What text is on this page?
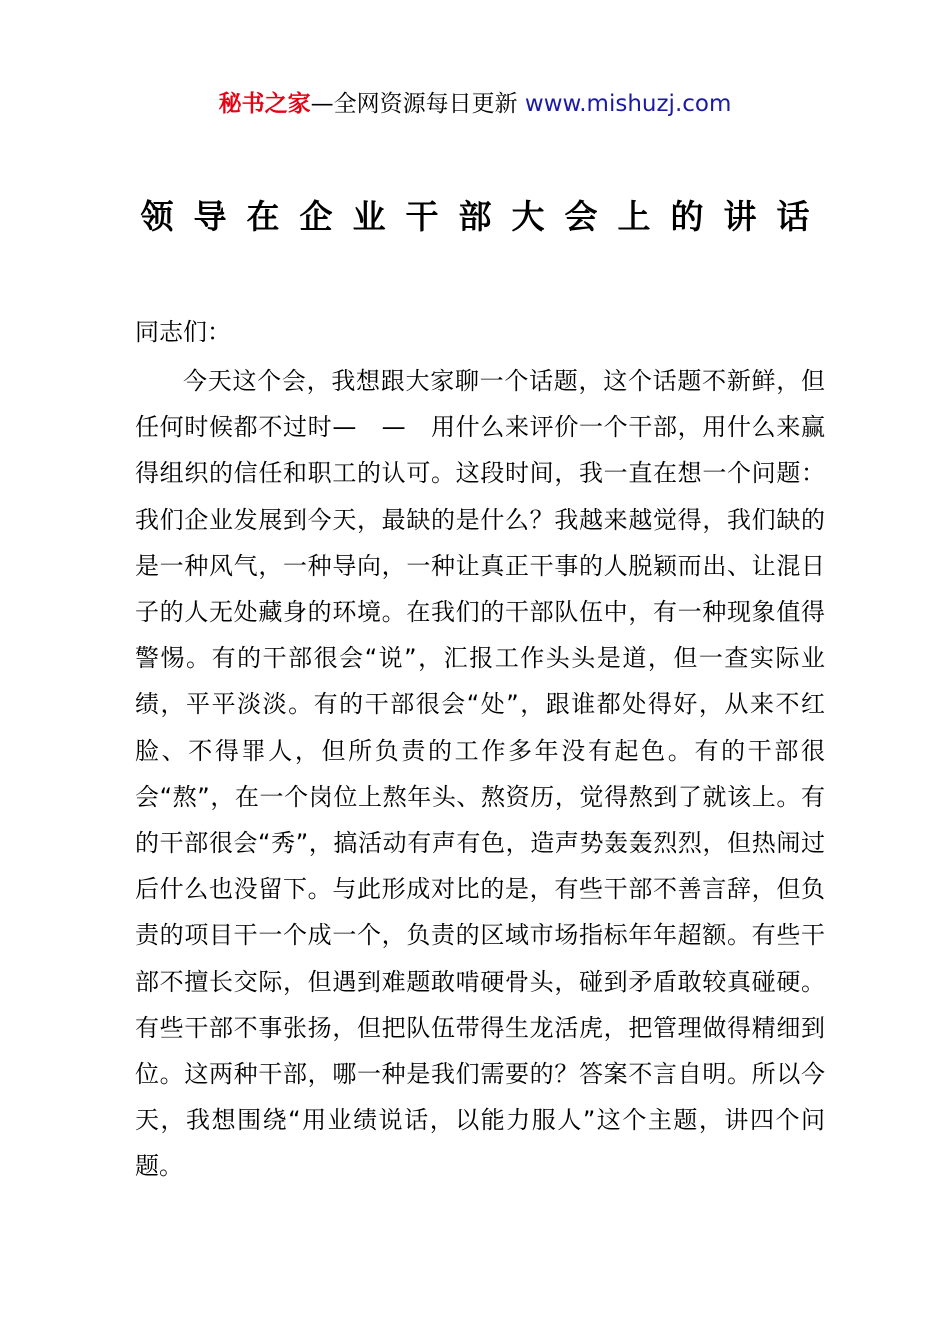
秘书之家—全网资源每日更新 www.mishuzj.com
领导在企业干部大会上的讲话
同志们：

今天这个会，我想跟大家聊一个话题，这个话题不新鲜，但任何时候都不过时—　—　用什么来评价一个干部，用什么来赢得组织的信任和职工的认可。这段时间，我一直在想一个问题：我们企业发展到今天，最缺的是什么？我越来越觉得，我们缺的是一种风气，一种导向，一种让真正干事的人脱颖而出、让混日子的人无处藏身的环境。在我们的干部队伍中，有一种现象值得警惕。有的干部很会“说”，汇报工作头头是道，但一查实际业绩，平平淡淡。有的干部很会“处”，跟谁都处得好，从来不红脸、不得罪人，但所负责的工作多年没有起色。有的干部很会“熬”，在一个岗位上熬年头、熬资历，觉得熬到了就该上。有的干部很会“秀”，搞活动有声有色，造声势轰轰烈烈，但热闹过后什么也没留下。与此形成对比的是，有些干部不善言辞，但负责的项目干一个成一个，负责的区域市场指标年年超额。有些干部不擅长交际，但遇到难题敢啃硬骨头，碰到矛盾敢较真碰硬。有些干部不事张扬，但把队伍带得生龙活虎，把管理做得精细到位。这两种干部，哪一种是我们需要的？答案不言自明。所以今天，我想围绕“用业绩说话，以能力服人”这个主题，讲四个问题。
